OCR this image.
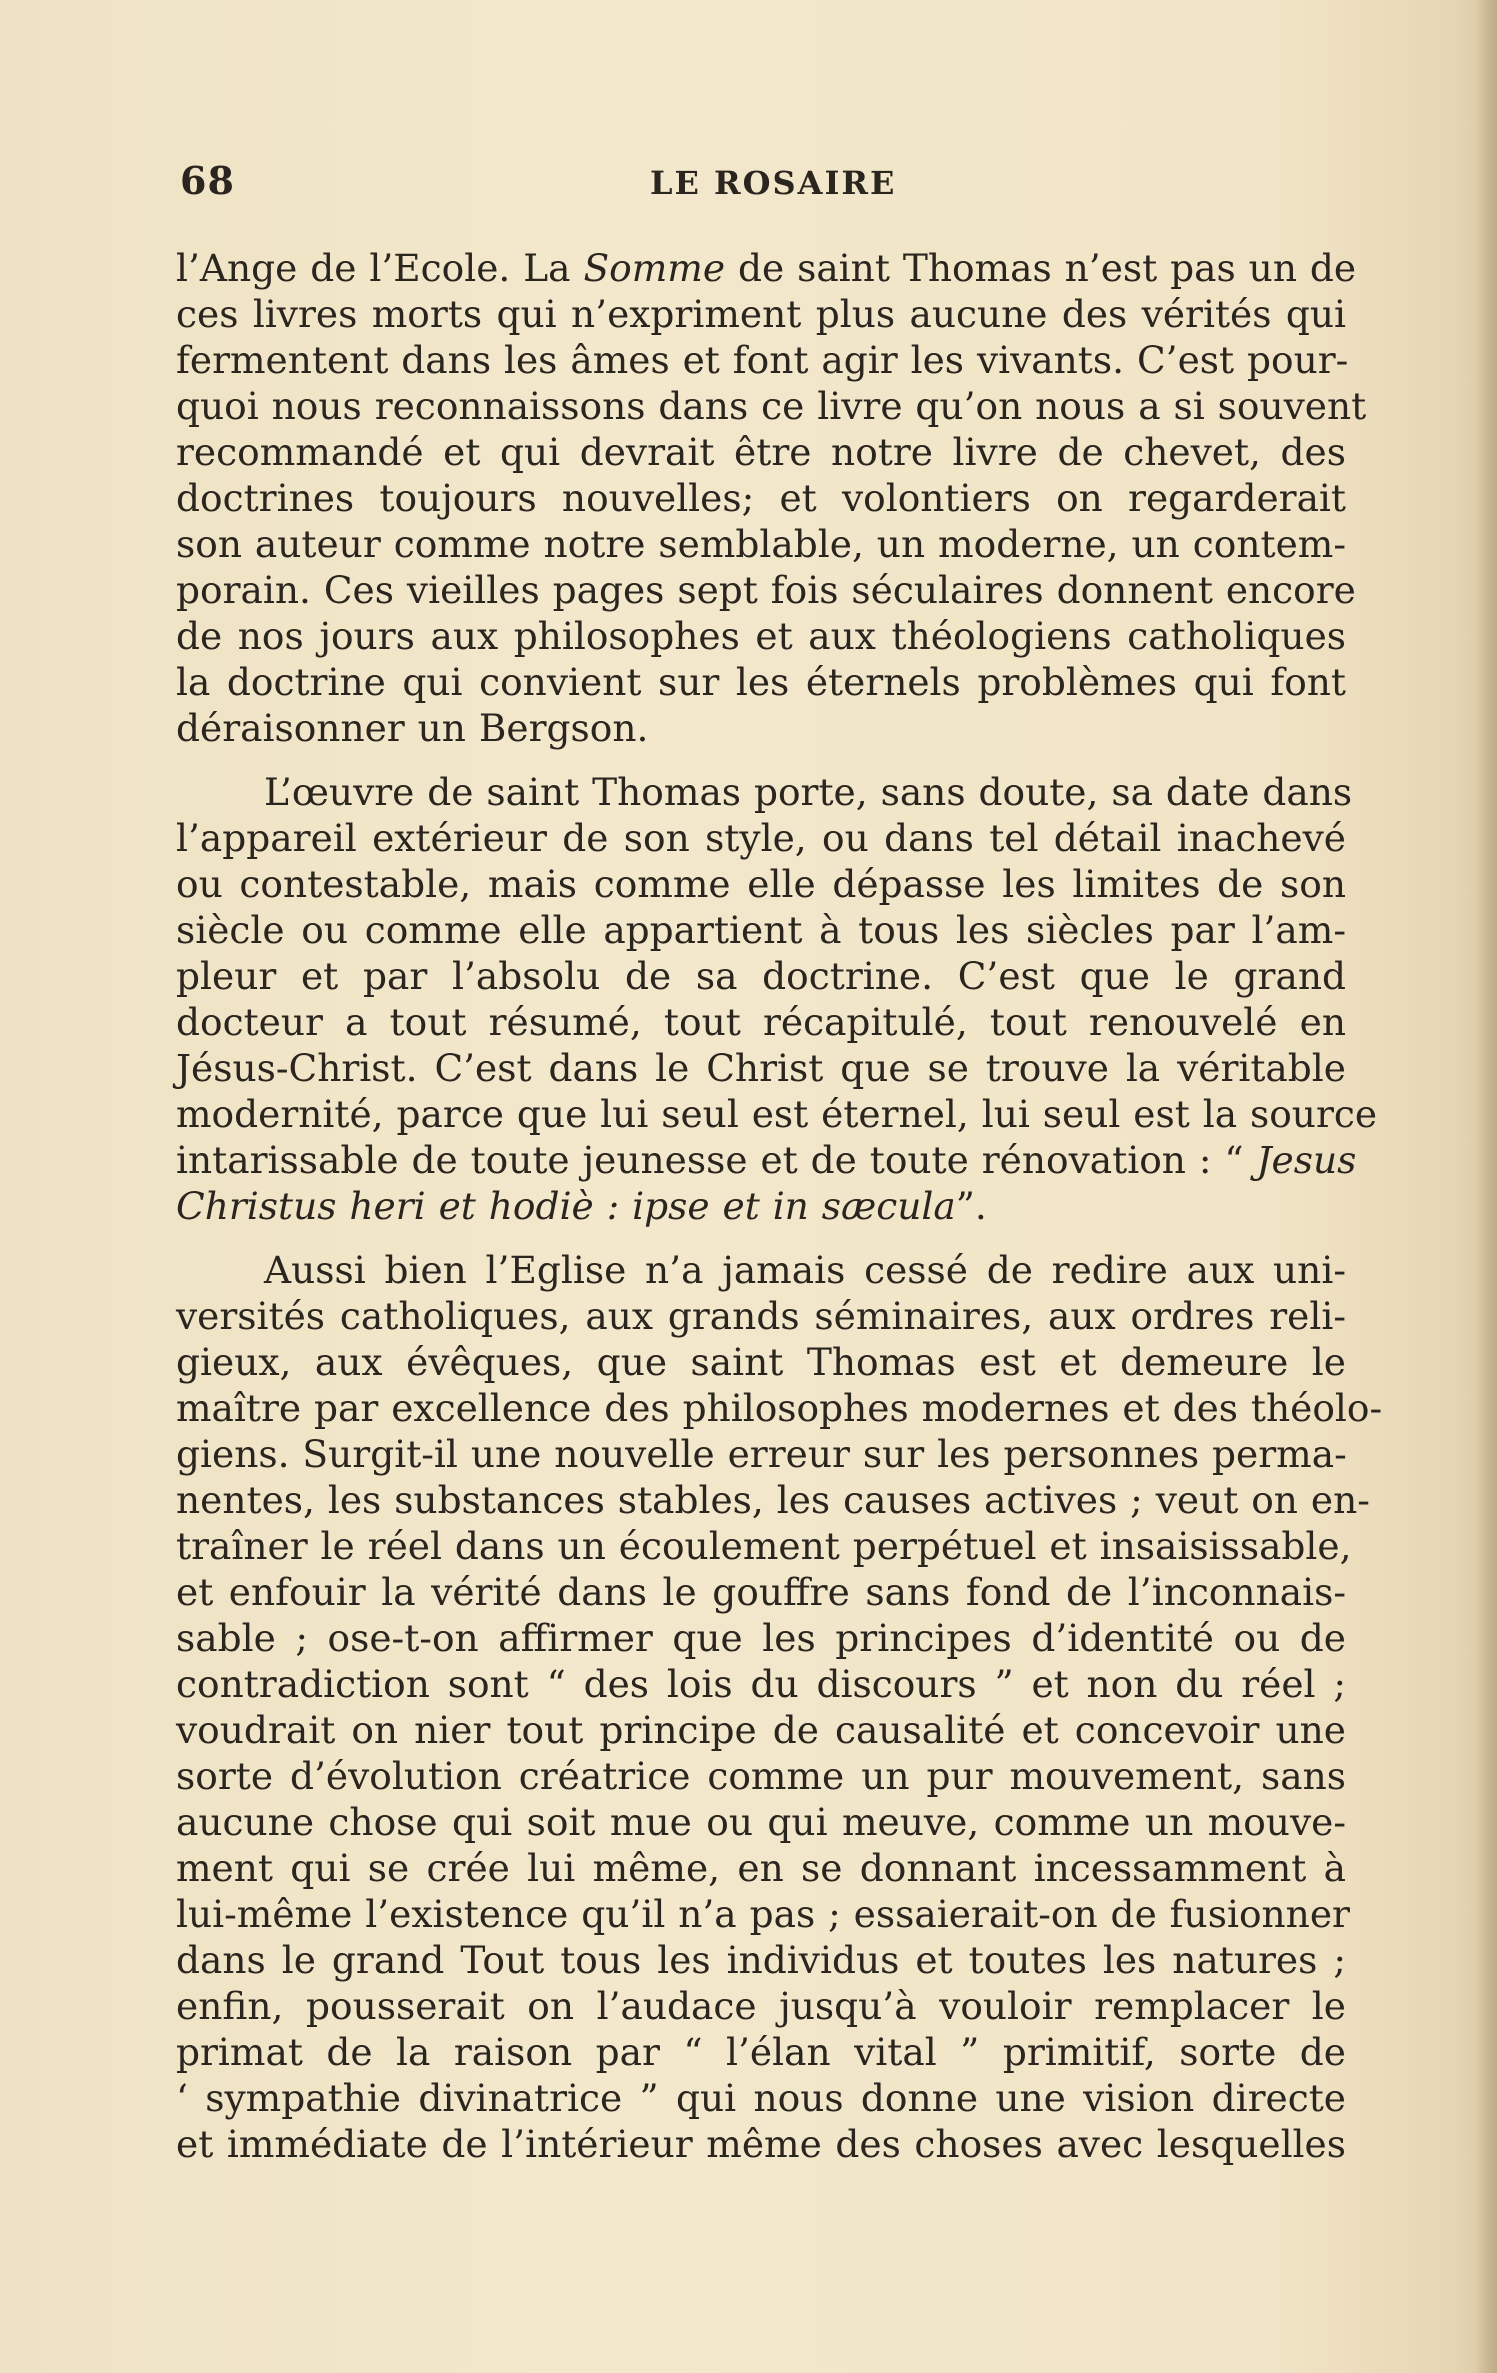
68	LE ROSAIRE
l’Ange de l’Ecole. La Somme de saint Thomas n’est pas un de
ces livres morts qui n’expriment plus aucune des vérités qui
fermentent dans les âmes et font agir les vivants. C’est pour-
quoi nous reconnaissons dans ce livre qu’on nous a si souvent
recommandé et qui devrait être notre livre de chevet, des
doctrines toujours nouvelles; et volontiers on regarderait
son auteur comme notre semblable, un moderne, un contem-
porain. Ces vieilles pages sept fois séculaires donnent encore
de nos jours aux philosophes et aux théologiens catholiques
la doctrine qui convient sur les éternels problèmes qui font
déraisonner un Bergson.
L’œuvre de saint Thomas porte, sans doute, sa date dans
l’appareil extérieur de son style, ou dans tel détail inachevé
ou contestable, mais comme elle dépasse les limites de son
siècle ou comme elle appartient à tous les siècles par l’am-
pleur et par l’absolu de sa doctrine. C’est que le grand
docteur a tout résumé, tout récapitulé, tout renouvelé en
Jésus-Christ. C’est dans le Christ que se trouve la véritable
modernité, parce que lui seul est éternel, lui seul est la source
intarissable de toute jeunesse et de toute rénovation : “ Jesus
Christus heri et hodiè : ipse et in sæcula”.
Aussi bien l’Eglise n’a jamais cessé de redire aux uni-
versités catholiques, aux grands séminaires, aux ordres reli-
gieux, aux évêques, que saint Thomas est et demeure le
maître par excellence des philosophes modernes et des théolo-
giens. Surgit-il une nouvelle erreur sur les personnes perma-
nentes, les substances stables, les causes actives ; veut on en-
traîner le réel dans un écoulement perpétuel et insaisissable,
et enfouir la vérité dans le gouffre sans fond de l’inconnais-
sable ; ose-t-on affirmer que les principes d’identité ou de
contradiction sont “ des lois du discours ” et non du réel ;
voudrait on nier tout principe de causalité et concevoir une
sorte d’évolution créatrice comme un pur mouvement, sans
aucune chose qui soit mue ou qui meuve, comme un mouve-
ment qui se crée lui même, en se donnant incessamment à
lui-même l’existence qu’il n’a pas ; essaierait-on de fusionner
dans le grand Tout tous les individus et toutes les natures ;
enfin, pousserait on l’audace jusqu’à vouloir remplacer le
primat de la raison par “ l’élan vital ” primitif, sorte de
‘ sympathie divinatrice ” qui nous donne une vision directe
et immédiate de l’intérieur même des choses avec lesquelles
